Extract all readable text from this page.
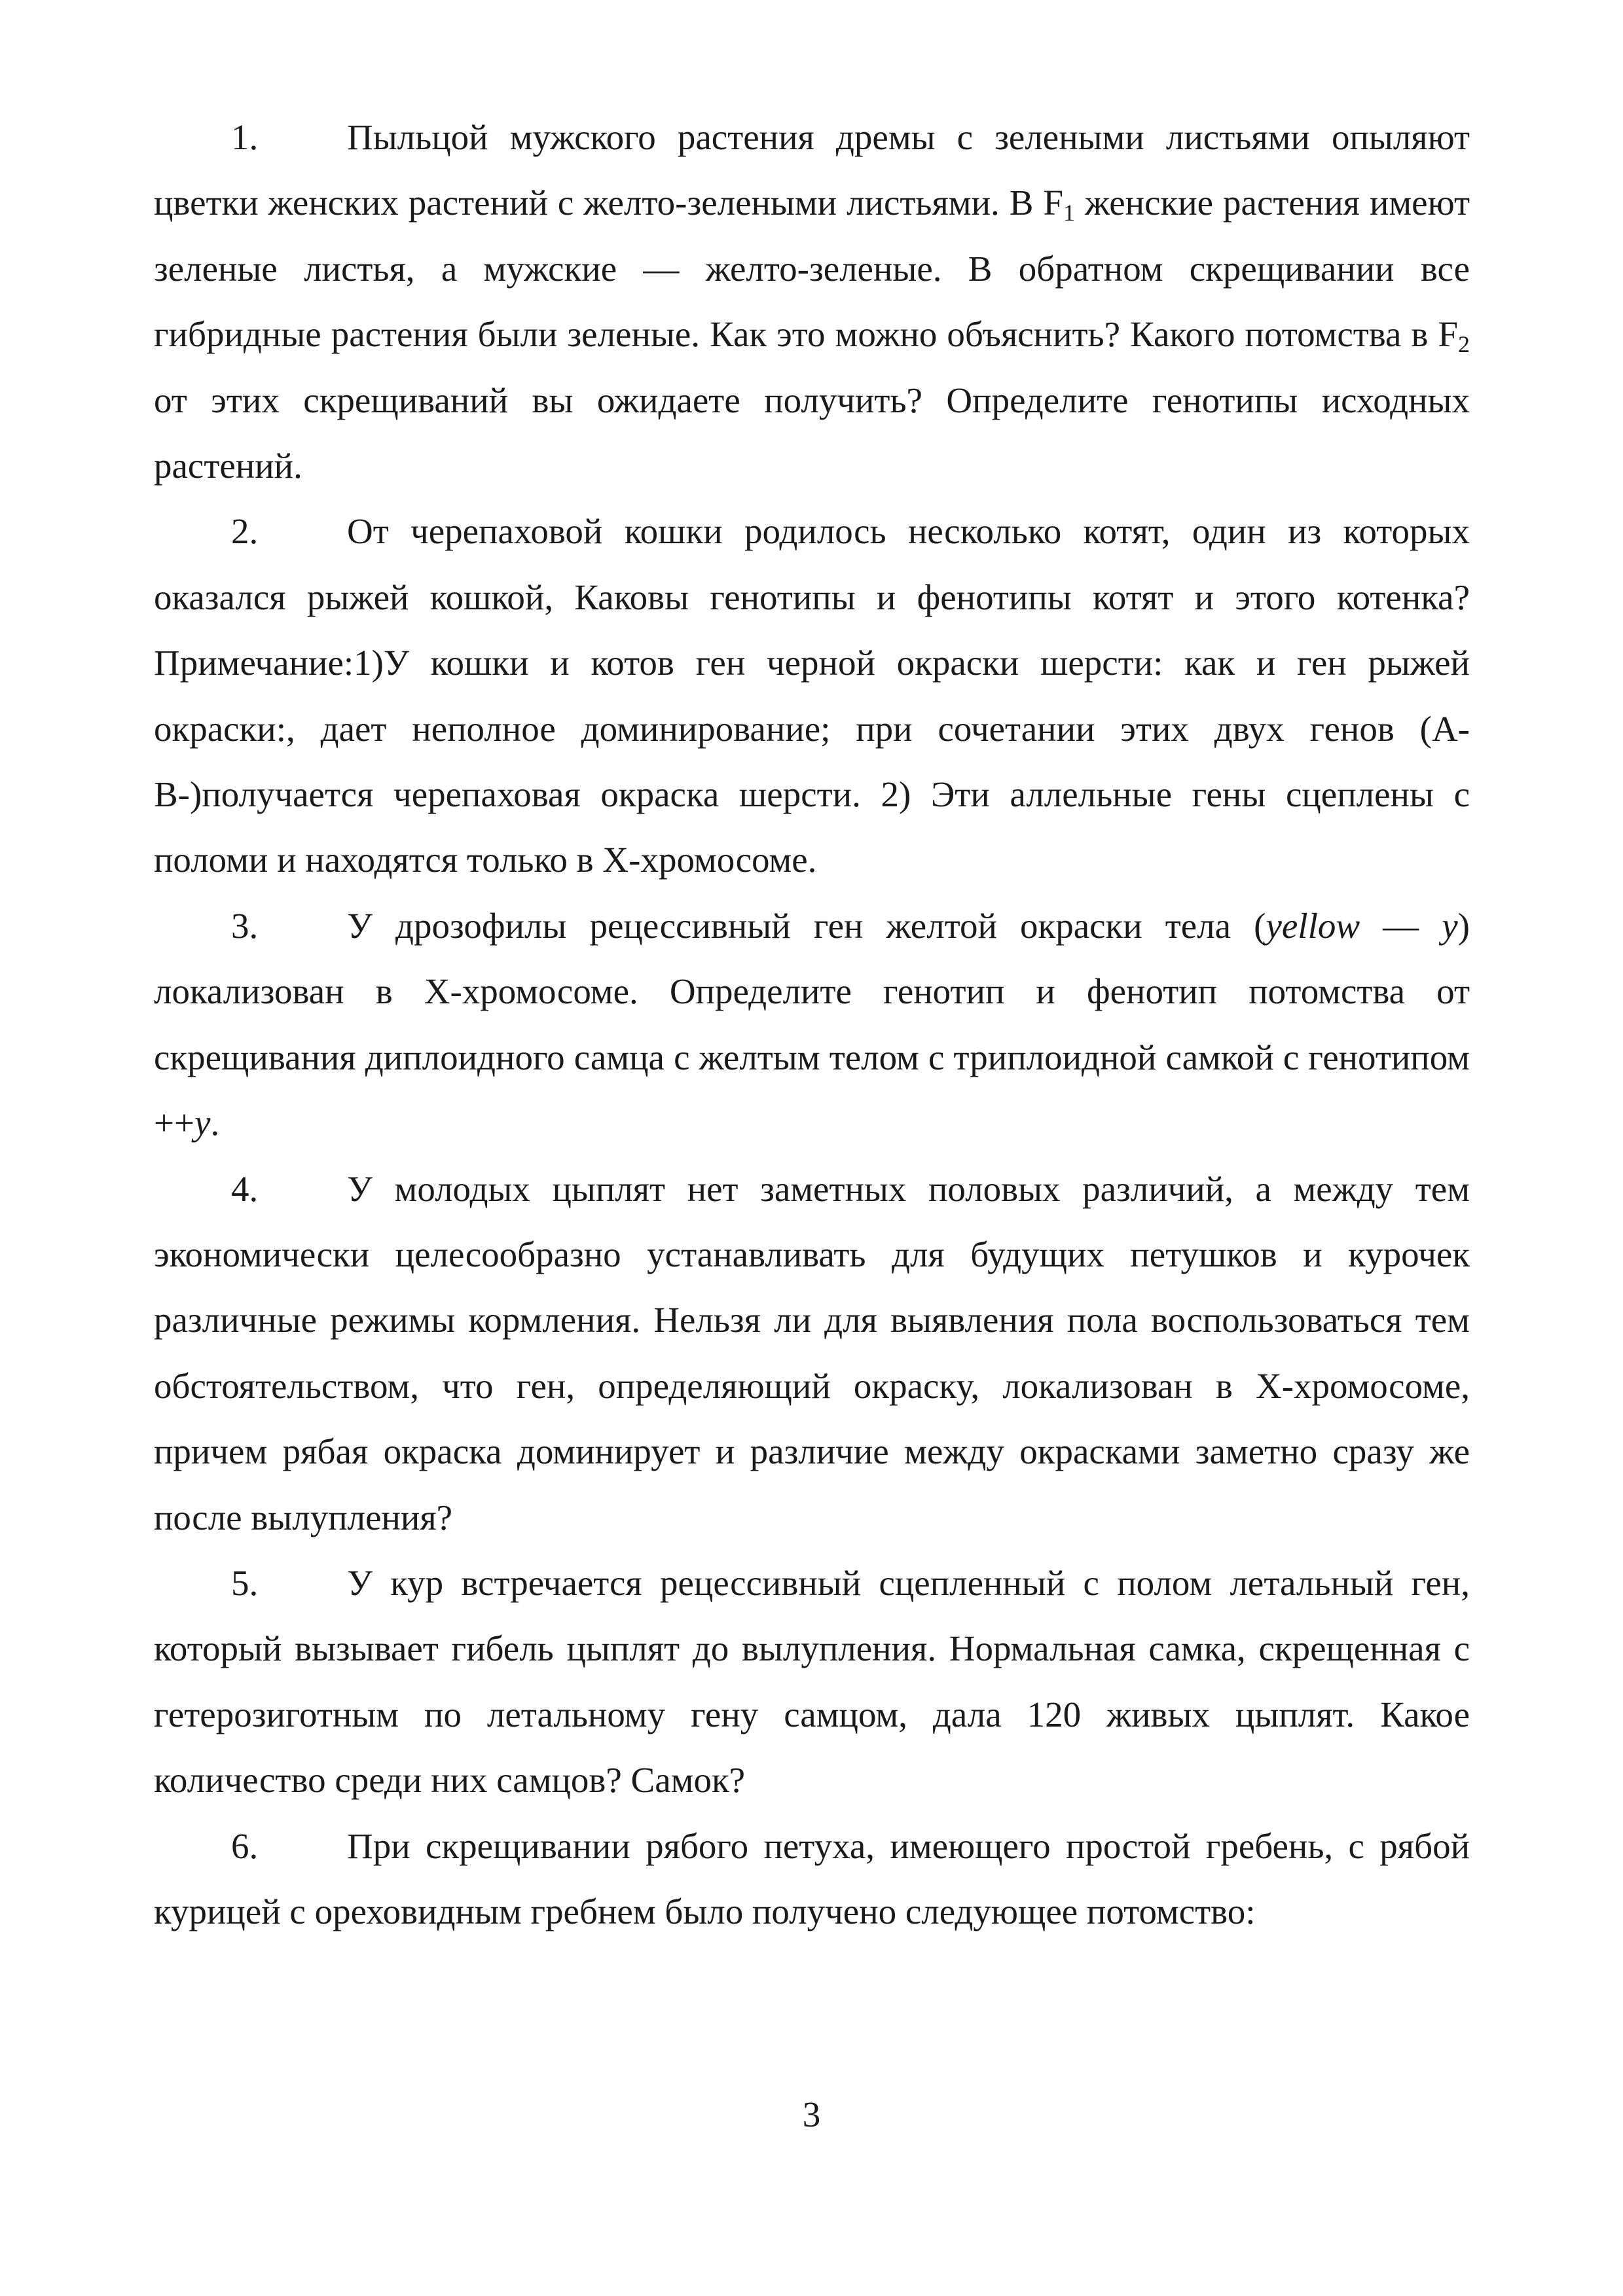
1. Пыльцой мужского растения дремы с зелеными листьями опыляют цветки женских растений с желто-зелеными листьями. В $F_1$ женские растения имеют зеленые листья, а мужские — желто-зеленые. В обратном скрещивании все гибридные растения были зеленые. Как это можно объяснить? Какого потомства в $F_2$ от этих скрещиваний вы ожидаете получить? Определите генотипы исходных растений.

2. От черепаховой кошки родилось несколько котят, один из которых оказался рыжей кошкой, Каковы генотипы и фенотипы котят и этого котенка? Примечание:1)У кошки и котов ген черной окраски шерсти: как и ген рыжей окраски:, дает неполное доминирование; при сочетании этих двух генов (А- В-)получается черепаховая окраска шерсти. 2) Эти аллельные гены сцеплены с поломи и находятся только в Х-хромосоме.

3. У дрозофилы рецессивный ген желтой окраски тела (yellow — y) локализован в Х-хромосоме. Определите генотип и фенотип потомства от скрещивания диплоидного самца с желтым телом с триплоидной самкой с генотипом ++y.

4. У молодых цыплят нет заметных половых различий, а между тем экономически целесообразно устанавливать для будущих петушков и курочек различные режимы кормления. Нельзя ли для выявления пола воспользоваться тем обстоятельством, что ген, определяющий окраску, локализован в Х-хромосоме, причем рябая окраска доминирует и различие между окрасками заметно сразу же после вылупления?

5. У кур встречается рецессивный сцепленный с полом летальный ген, который вызывает гибель цыплят до вылупления. Нормальная самка, скрещенная с гетерозиготным по летальному гену самцом, дала 120 живых цыплят. Какое количество среди них самцов? Самок?

6. При скрещивании рябого петуха, имеющего простой гребень, с рябой курицей с ореховидным гребнем было получено следующее потомство:

3
